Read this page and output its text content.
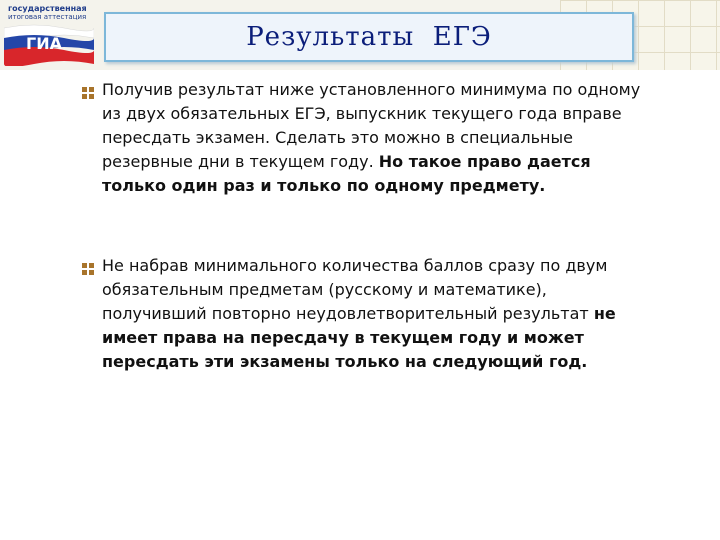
государственная
итоговая аттестация
ГИА	Результаты  ЕГЭ
Получив результат ниже установленного минимума по одному из двух обязательных ЕГЭ, выпускник текущего года вправе пересдать экзамен. Сделать это можно в специальные резервные дни в текущем году. Но такое право дается только один раз и только по одному предмету.
Не набрав минимального количества баллов сразу по двум обязательным предметам (русскому и математике), получивший повторно неудовлетворительный результат не имеет права на пересдачу в текущем году и может пересдать эти экзамены только на следующий год.
